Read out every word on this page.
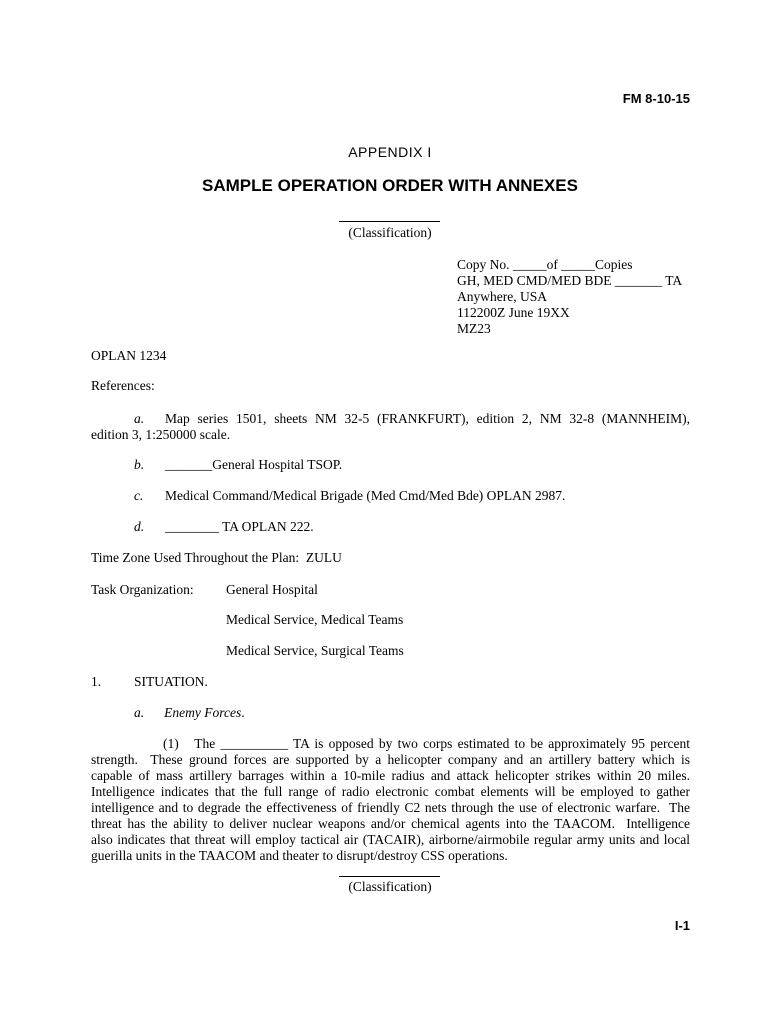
FM 8-10-15
APPENDIX I
SAMPLE OPERATION ORDER WITH ANNEXES
(Classification)
Copy No. _____of _____Copies
GH, MED CMD/MED BDE _______ TA
Anywhere, USA
112200Z June 19XX
MZ23
OPLAN 1234
References:
a. Map series 1501, sheets NM 32-5 (FRANKFURT), edition 2, NM 32-8 (MANNHEIM),
edition 3, 1:250000 scale.
b. _______General Hospital TSOP.
c. Medical Command/Medical Brigade (Med Cmd/Med Bde) OPLAN 2987.
d. ________ TA OPLAN 222.
Time Zone Used Throughout the Plan:  ZULU
Task Organization: General Hospital
Medical Service, Medical Teams
Medical Service, Surgical Teams
1. SITUATION.
a. Enemy Forces.
(1)   The __________ TA is opposed by two corps estimated to be approximately 95 percent
strength.  These ground forces are supported by a helicopter company and an artillery battery which is
capable of mass artillery barrages within a 10-mile radius and attack helicopter strikes within 20 miles.
Intelligence indicates that the full range of radio electronic combat elements will be employed to gather
intelligence and to degrade the effectiveness of friendly C2 nets through the use of electronic warfare.  The
threat has the ability to deliver nuclear weapons and/or chemical agents into the TAACOM.  Intelligence
also indicates that threat will employ tactical air (TACAIR), airborne/airmobile regular army units and local
guerilla units in the TAACOM and theater to disrupt/destroy CSS operations.
(Classification)
I-1
